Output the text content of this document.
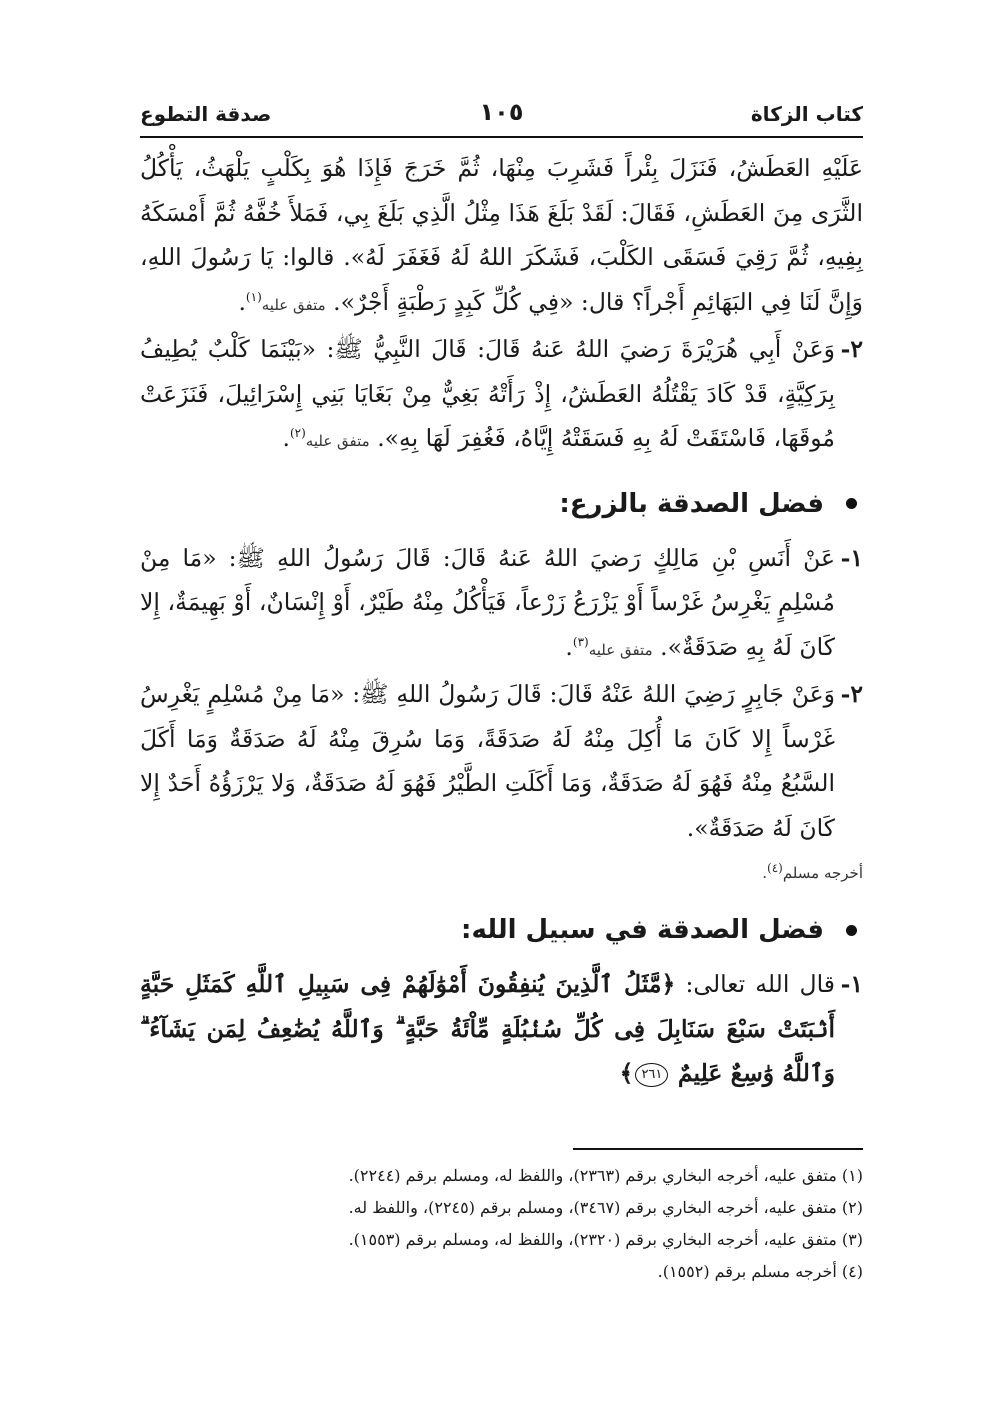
كتاب الزكاة
١٠٥
صدقة التطوع

عَلَيْهِ العَطَشُ، فَنَزَلَ بِئْراً فَشَرِبَ مِنْهَا، ثُمَّ خَرَجَ فَإِذَا هُوَ بِكَلْبٍ يَلْهَثُ، يَأْكُلُ الثَّرَى مِنَ العَطَشِ، فَقَالَ: لَقَدْ بَلَغَ هَذَا مِثْلُ الَّذِي بَلَغَ بِي، فَمَلأَ خُفَّهُ ثُمَّ أَمْسَكَهُ بِفِيهِ، ثُمَّ رَقِيَ فَسَقَى الكَلْبَ، فَشَكَرَ اللهُ لَهُ فَغَفَرَ لَهُ». قالوا: يَا رَسُولَ اللهِ، وَإِنَّ لَنَا فِي البَهَائِمِ أَجْراً؟ قال: «فِي كُلِّ كَبِدٍ رَطْبَةٍ أَجْرٌ». متفق عليه$^{(١)}$.

٢-
وَعَنْ أَبِي هُرَيْرَةَ رَضيَ اللهُ عَنهُ قَالَ: قَالَ النَّبِيُّ ﷺ: «بَيْنَمَا كَلْبٌ يُطِيفُ بِرَكِيَّةٍ، قَدْ كَادَ يَقْتُلُهُ العَطَشُ، إِذْ رَأَتْهُ بَغِيٌّ مِنْ بَغَايَا بَنِي إِسْرَائِيلَ، فَنَزَعَتْ مُوقَهَا، فَاسْتَقَتْ لَهُ بِهِ فَسَقَتْهُ إِيَّاهُ، فَغُفِرَ لَهَا بِهِ». متفق عليه$^{(٢)}$.

فضل الصدقة بالزرع:

١-
عَنْ أَنَسِ بْنِ مَالِكٍ رَضيَ اللهُ عَنهُ قَالَ: قَالَ رَسُولُ اللهِ ﷺ: «مَا مِنْ مُسْلِمٍ يَغْرِسُ غَرْساً أَوْ يَزْرَعُ زَرْعاً، فَيَأْكُلُ مِنْهُ طَيْرٌ، أَوْ إِنْسَانٌ، أَوْ بَهِيمَةٌ، إِلا كَانَ لَهُ بِهِ صَدَقَةٌ». متفق عليه$^{(٣)}$.

٢-
وَعَنْ جَابِرٍ رَضِيَ اللهُ عَنْهُ قَالَ: قَالَ رَسُولُ اللهِ ﷺ: «مَا مِنْ مُسْلِمٍ يَغْرِسُ غَرْساً إِلا كَانَ مَا أُكِلَ مِنْهُ لَهُ صَدَقَةً، وَمَا سُرِقَ مِنْهُ لَهُ صَدَقَةٌ وَمَا أَكَلَ السَّبُعُ مِنْهُ فَهُوَ لَهُ صَدَقَةٌ، وَمَا أَكَلَتِ الطَّيْرُ فَهُوَ لَهُ صَدَقَةٌ، وَلا يَرْزَؤُهُ أَحَدٌ إِلا كَانَ لَهُ صَدَقَةٌ».

أخرجه مسلم$^{(٤)}$.
فضل الصدقة في سبيل الله:

١-
قال الله تعالى: ﴿مَّثَلُ ٱلَّذِينَ يُنفِقُونَ أَمْوَٰلَهُمْ فِى سَبِيلِ ٱللَّهِ كَمَثَلِ حَبَّةٍ أَنۢبَتَتْ سَبْعَ سَنَابِلَ فِى كُلِّ سُنۢبُلَةٍ مِّاْئَةُ حَبَّةٍ ۗ وَٱللَّهُ يُضَٰعِفُ لِمَن يَشَآءُ ۗ وَٱللَّهُ وَٰسِعٌ عَلِيمٌ ٢٦١﴾

(١) متفق عليه، أخرجه البخاري برقم (٢٣٦٣)، واللفظ له، ومسلم برقم (٢٢٤٤).

(٢) متفق عليه، أخرجه البخاري برقم (٣٤٦٧)، ومسلم برقم (٢٢٤٥)، واللفظ له.

(٣) متفق عليه، أخرجه البخاري برقم (٢٣٢٠)، واللفظ له، ومسلم برقم (١٥٥٣).

(٤) أخرجه مسلم برقم (١٥٥٢).
